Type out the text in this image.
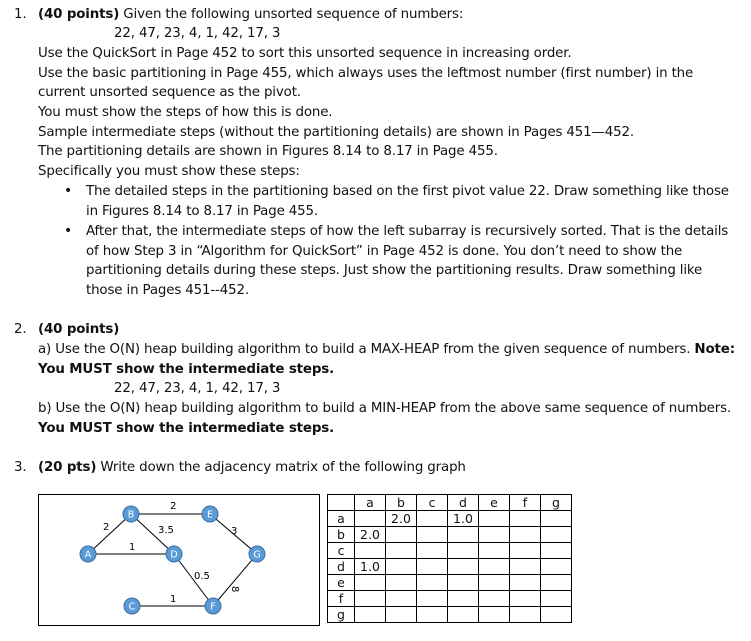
1. (40 points) Given the following unsorted sequence of numbers:
22, 47, 23, 4, 1, 42, 17, 3
Use the QuickSort in Page 452 to sort this unsorted sequence in increasing order.
Use the basic partitioning in Page 455, which always uses the leftmost number (first number) in the
current unsorted sequence as the pivot.
You must show the steps of how this is done.
Sample intermediate steps (without the partitioning details) are shown in Pages 451—452.
The partitioning details are shown in Figures 8.14 to 8.17 in Page 455.
Specifically you must show these steps:
• The detailed steps in the partitioning based on the first pivot value 22. Draw something like those
in Figures 8.14 to 8.17 in Page 455.
• After that, the intermediate steps of how the left subarray is recursively sorted. That is the details
of how Step 3 in “Algorithm for QuickSort” in Page 452 is done. You don’t need to show the
partitioning details during these steps. Just show the partitioning results. Draw something like
those in Pages 451--452.
2. (40 points)
a) Use the O(N) heap building algorithm to build a MAX-HEAP from the given sequence of numbers. Note:
You MUST show the intermediate steps.
22, 47, 23, 4, 1, 42, 17, 3
b) Use the O(N) heap building algorithm to build a MIN-HEAP from the above same sequence of numbers.
You MUST show the intermediate steps.
3. (20 pts) Write down the adjacency matrix of the following graph
2
2	3.5
1
3
0.5
8
1
A
B
C
D
E
F
G
	a	b	c	d	e	f	g
a		2.0		1.0			
b	2.0						
c							
d	1.0						
e							
f							
g							
